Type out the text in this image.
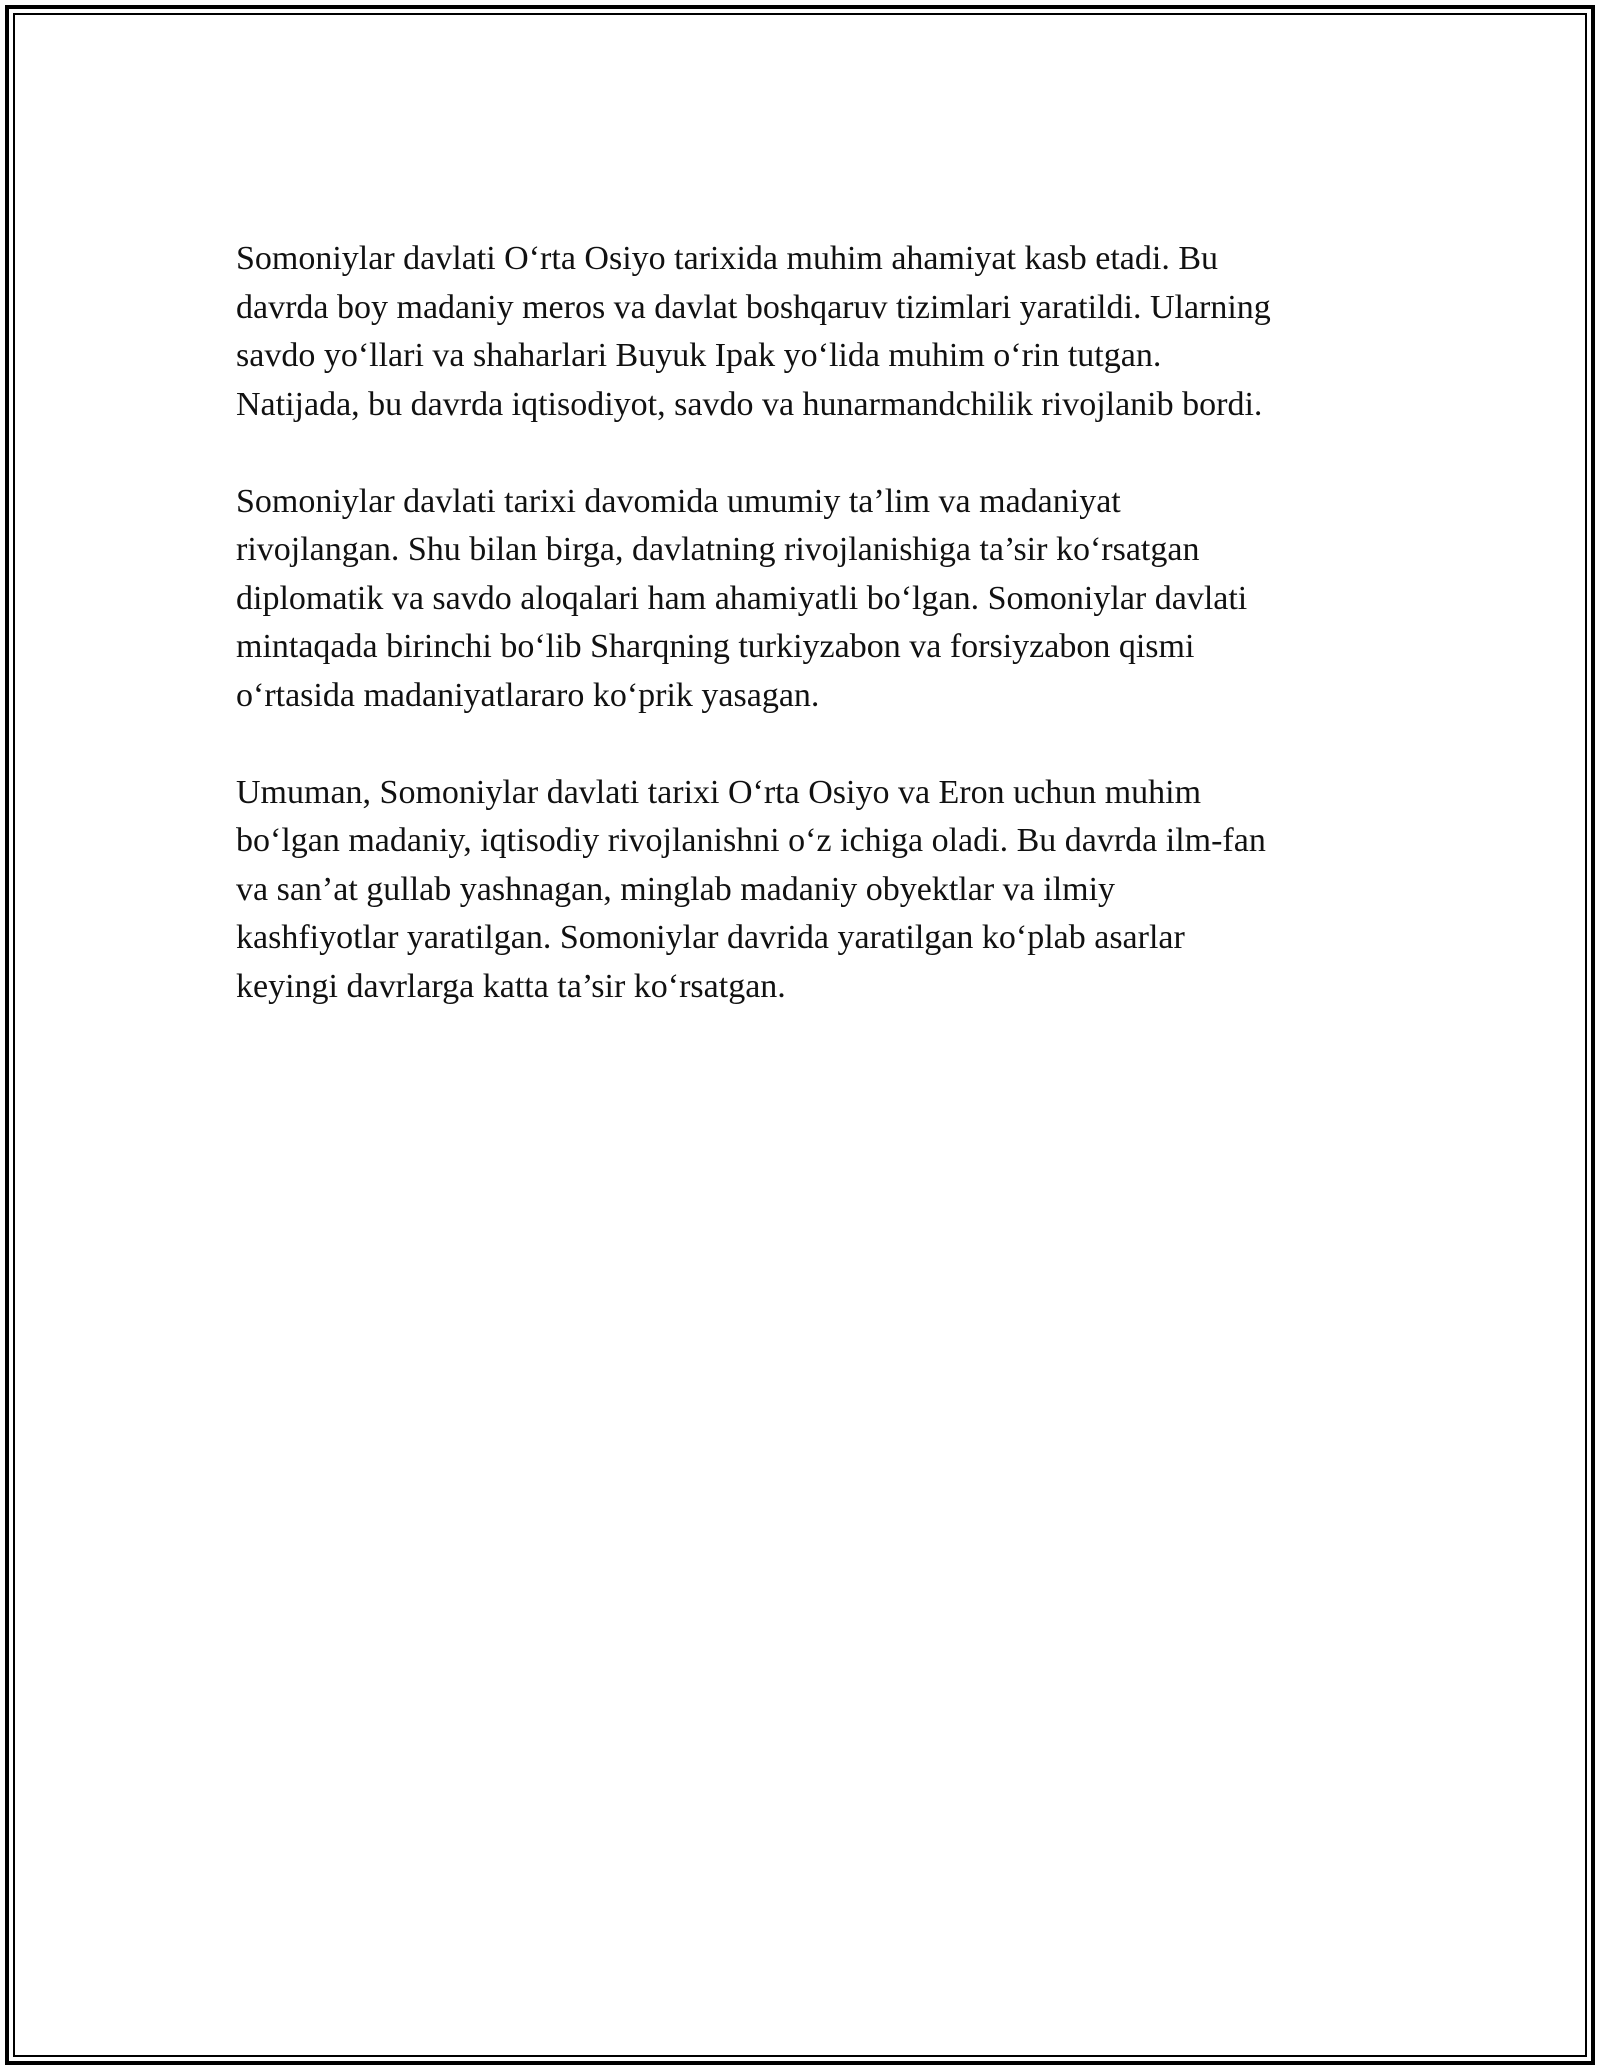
Somoniylar davlati O‘rta Osiyo tarixida muhim ahamiyat kasb etadi. Bu
davrda boy madaniy meros va davlat boshqaruv tizimlari yaratildi. Ularning
savdo yo‘llari va shaharlari Buyuk Ipak yo‘lida muhim o‘rin tutgan.
Natijada, bu davrda iqtisodiyot, savdo va hunarmandchilik rivojlanib bordi.

Somoniylar davlati tarixi davomida umumiy ta’lim va madaniyat
rivojlangan. Shu bilan birga, davlatning rivojlanishiga ta’sir ko‘rsatgan
diplomatik va savdo aloqalari ham ahamiyatli bo‘lgan. Somoniylar davlati
mintaqada birinchi bo‘lib Sharqning turkiyzabon va forsiyzabon qismi
o‘rtasida madaniyatlararo ko‘prik yasagan.

Umuman, Somoniylar davlati tarixi O‘rta Osiyo va Eron uchun muhim
bo‘lgan madaniy, iqtisodiy rivojlanishni o‘z ichiga oladi. Bu davrda ilm-fan
va san’at gullab yashnagan, minglab madaniy obyektlar va ilmiy
kashfiyotlar yaratilgan. Somoniylar davrida yaratilgan ko‘plab asarlar
keyingi davrlarga katta ta’sir ko‘rsatgan.
